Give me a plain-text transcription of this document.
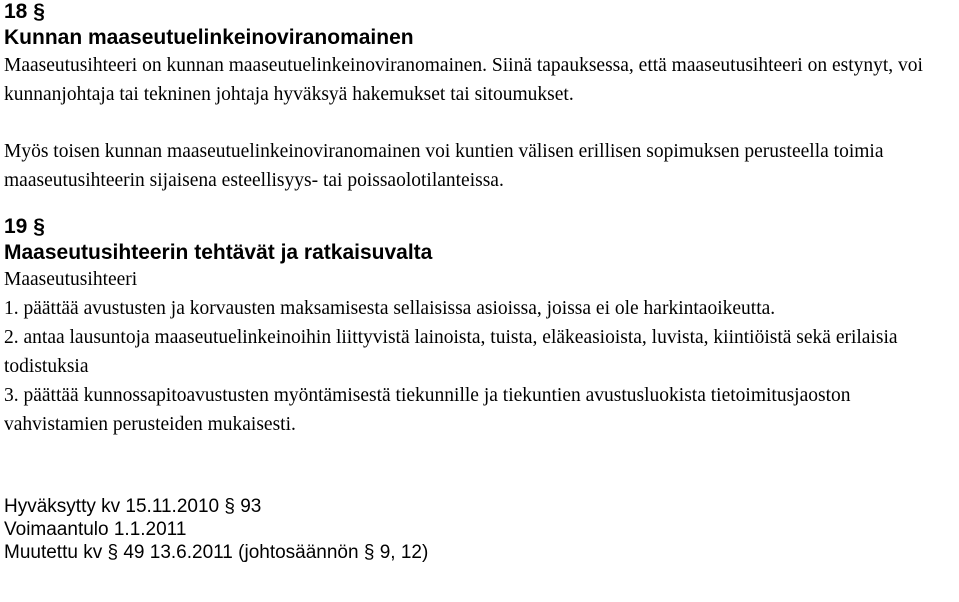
18 §

Kunnan maaseutuelinkeinoviranomainen

Maaseutusihteeri on kunnan maaseutuelinkeinoviranomainen. Siinä tapauksessa, että maaseutusihteeri on estynyt, voi kunnanjohtaja tai tekninen johtaja hyväksyä hakemukset tai sitoumukset.

Myös toisen kunnan maaseutuelinkeinoviranomainen voi kuntien välisen erillisen sopimuksen perusteella toimia maaseutusihteerin sijaisena esteellisyys- tai poissaolotilanteissa.

19 §

Maaseutusihteerin tehtävät ja ratkaisuvalta

Maaseutusihteeri

1. päättää avustusten ja korvausten maksamisesta sellaisissa asioissa, joissa ei ole harkintaoikeutta.

2. antaa lausuntoja maaseutuelinkeinoihin liittyvistä lainoista, tuista, eläkeasioista, luvista, kiintiöistä sekä erilaisia todistuksia

3. päättää kunnossapitoavustusten myöntämisestä tiekunnille ja tiekuntien avustusluokista tietoimitusjaoston vahvistamien perusteiden mukaisesti.

Hyväksytty kv 15.11.2010 § 93

Voimaantulo 1.1.2011

Muutettu kv § 49 13.6.2011 (johtosäännön § 9, 12)
